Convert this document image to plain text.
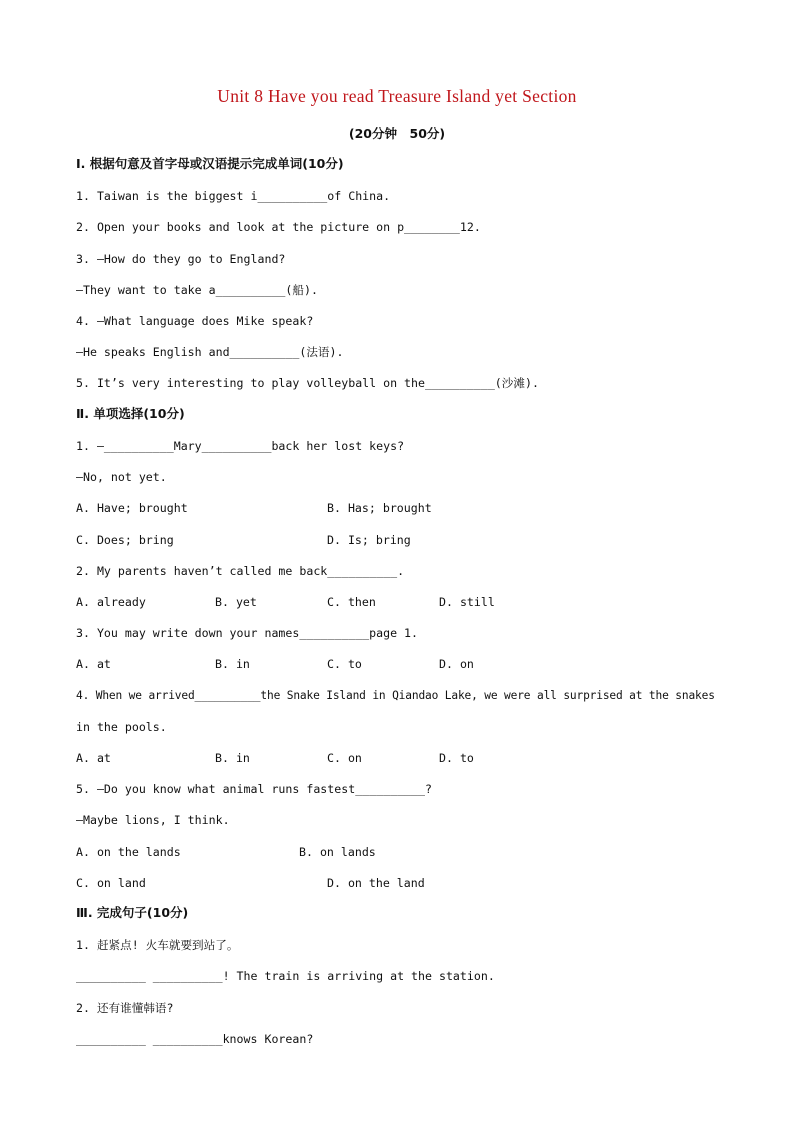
Unit 8 Have you read Treasure Island yet Section
(20分钟　50分)
Ⅰ. 根据句意及首字母或汉语提示完成单词(10分)
1. Taiwan is the biggest i__________of China.
2. Open your books and look at the picture on p________12.
3. —How do they go to England?
—They want to take a__________(船).
4. —What language does Mike speak?
—He speaks English and__________(法语).
5. It’s very interesting to play volleyball on the__________(沙滩).
Ⅱ. 单项选择(10分)
1. —__________Mary__________back her lost keys?
—No, not yet.
A. Have; brought	B. Has; brought
C. Does; bring	D. Is; bring
2. My parents haven’t called me back__________.
A. already	B. yet	C. then	D. still
3. You may write down your names__________page 1.
A. at	B. in	C. to	D. on
4. When we arrived__________the Snake Island in Qiandao Lake, we were all surprised at the snakes
in the pools.
A. at	B. in	C. on	D. to
5. —Do you know what animal runs fastest__________?
—Maybe lions, I think.
A. on the lands	B. on lands
C. on land	D. on the land
Ⅲ. 完成句子(10分)
1. 赶紧点! 火车就要到站了。
__________ __________! The train is arriving at the station.
2. 还有谁懂韩语?
__________ __________knows Korean?
